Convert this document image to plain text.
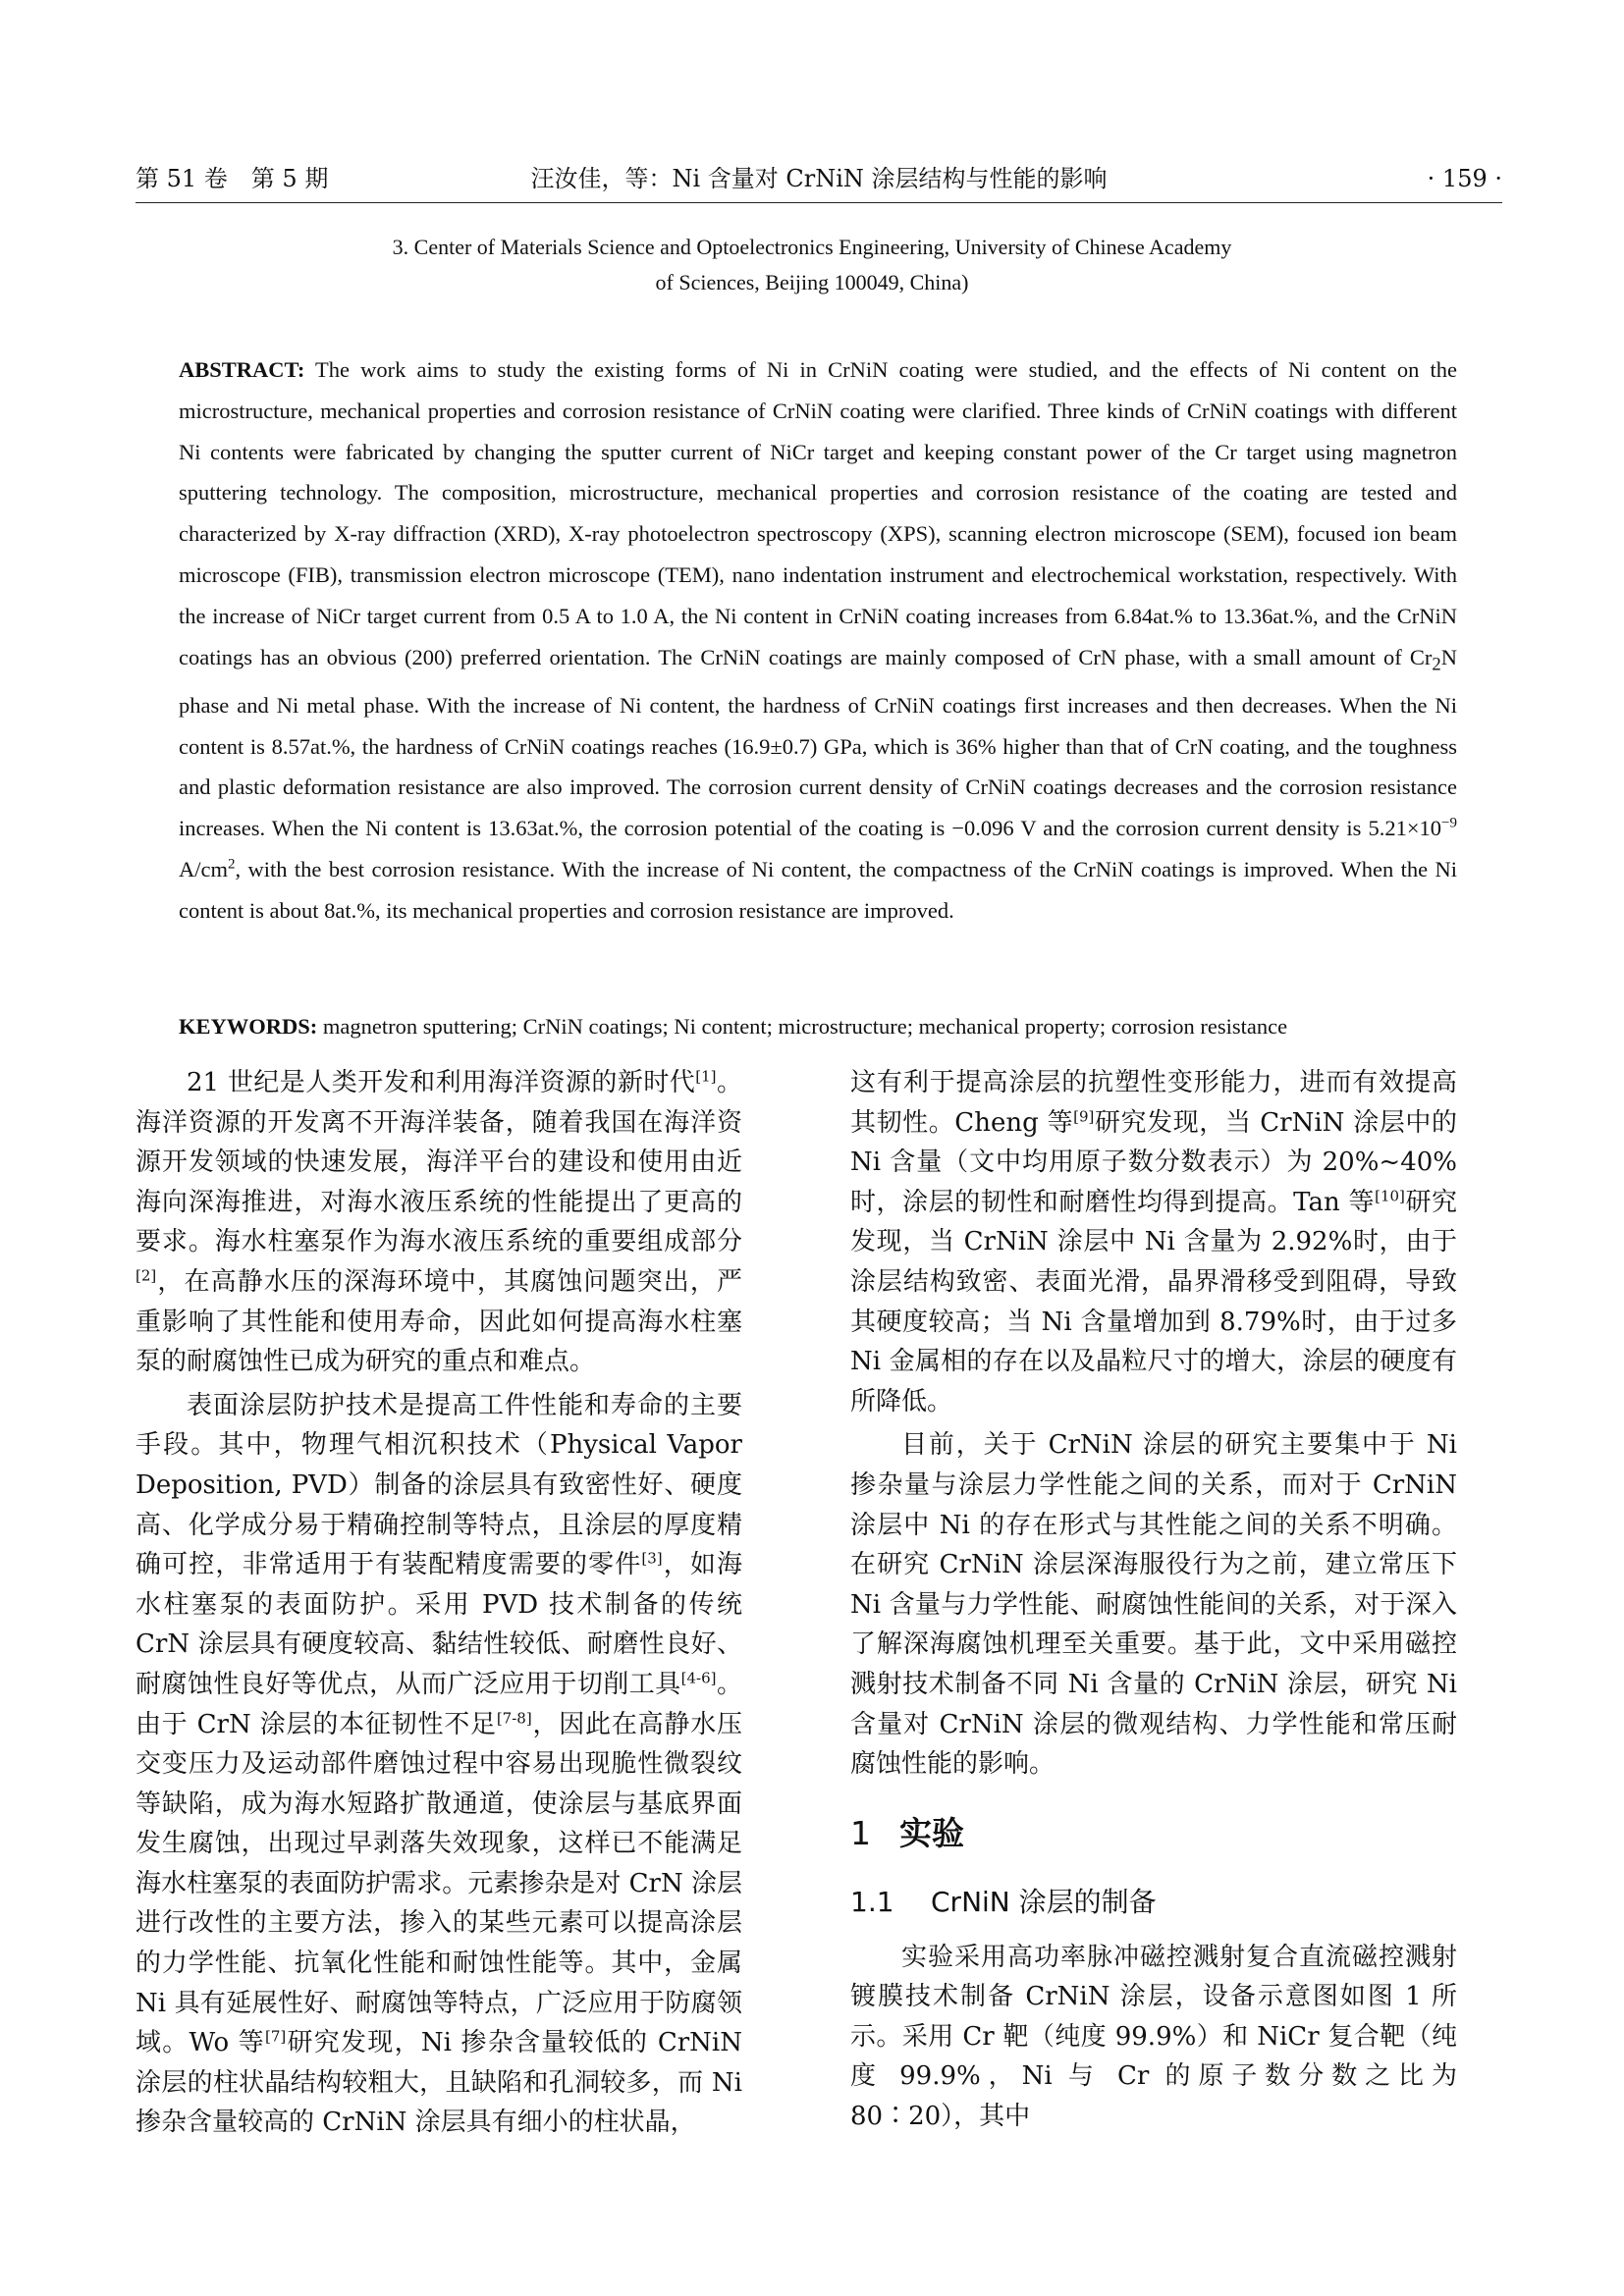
第 51 卷　第 5 期	汪汝佳，等：Ni 含量对 CrNiN 涂层结构与性能的影响	· 159 ·
3. Center of Materials Science and Optoelectronics Engineering, University of Chinese Academy
of Sciences, Beijing 100049, China)
ABSTRACT: The work aims to study the existing forms of Ni in CrNiN coating were studied, and the effects of Ni content on the microstructure, mechanical properties and corrosion resistance of CrNiN coating were clarified. Three kinds of CrNiN coatings with different Ni contents were fabricated by changing the sputter current of NiCr target and keeping constant power of the Cr target using magnetron sputtering technology. The composition, microstructure, mechanical properties and corrosion resistance of the coating are tested and characterized by X-ray diffraction (XRD), X-ray photoelectron spectroscopy (XPS), scanning electron microscope (SEM), focused ion beam microscope (FIB), transmission electron microscope (TEM), nano indentation instrument and electrochemical workstation, respectively. With the increase of NiCr target current from 0.5 A to 1.0 A, the Ni content in CrNiN coating increases from 6.84at.% to 13.36at.%, and the CrNiN coatings has an obvious (200) preferred orientation. The CrNiN coatings are mainly composed of CrN phase, with a small amount of $Cr_2N$ phase and Ni metal phase. With the increase of Ni content, the hardness of CrNiN coatings first increases and then decreases. When the Ni content is 8.57at.%, the hardness of CrNiN coatings reaches (16.9±0.7) GPa, which is 36% higher than that of CrN coating, and the toughness and plastic deformation resistance are also improved. The corrosion current density of CrNiN coatings decreases and the corrosion resistance increases. When the Ni content is 13.63at.%, the corrosion potential of the coating is −0.096 V and the corrosion current density is $5.21\times 10^{-9}$ $A/cm^2$, with the best corrosion resistance. With the increase of Ni content, the compactness of the CrNiN coatings is improved. When the Ni content is about 8at.%, its mechanical properties and corrosion resistance are improved.
KEYWORDS: magnetron sputtering; CrNiN coatings; Ni content; microstructure; mechanical property; corrosion resistance

21 世纪是人类开发和利用海洋资源的新时代[1]。海洋资源的开发离不开海洋装备，随着我国在海洋资源开发领域的快速发展，海洋平台的建设和使用由近海向深海推进，对海水液压系统的性能提出了更高的要求。海水柱塞泵作为海水液压系统的重要组成部分[2]，在高静水压的深海环境中，其腐蚀问题突出，严重影响了其性能和使用寿命，因此如何提高海水柱塞泵的耐腐蚀性已成为研究的重点和难点。

表面涂层防护技术是提高工件性能和寿命的主要手段。其中，物理气相沉积技术（Physical Vapor Deposition, PVD）制备的涂层具有致密性好、硬度高、化学成分易于精确控制等特点，且涂层的厚度精确可控，非常适用于有装配精度需要的零件[3]，如海水柱塞泵的表面防护。采用 PVD 技术制备的传统 CrN 涂层具有硬度较高、黏结性较低、耐磨性良好、耐腐蚀性良好等优点，从而广泛应用于切削工具[4-6]。由于 CrN 涂层的本征韧性不足[7-8]，因此在高静水压交变压力及运动部件磨蚀过程中容易出现脆性微裂纹等缺陷，成为海水短路扩散通道，使涂层与基底界面发生腐蚀，出现过早剥落失效现象，这样已不能满足海水柱塞泵的表面防护需求。元素掺杂是对 CrN 涂层进行改性的主要方法，掺入的某些元素可以提高涂层的力学性能、抗氧化性能和耐蚀性能等。其中，金属 Ni 具有延展性好、耐腐蚀等特点，广泛应用于防腐领域。Wo 等[7]研究发现，Ni 掺杂含量较低的 CrNiN 涂层的柱状晶结构较粗大，且缺陷和孔洞较多，而 Ni 掺杂含量较高的 CrNiN 涂层具有细小的柱状晶，

这有利于提高涂层的抗塑性变形能力，进而有效提高其韧性。Cheng 等[9]研究发现，当 CrNiN 涂层中的 Ni 含量（文中均用原子数分数表示）为 20%~40%时，涂层的韧性和耐磨性均得到提高。Tan 等[10]研究发现，当 CrNiN 涂层中 Ni 含量为 2.92%时，由于涂层结构致密、表面光滑，晶界滑移受到阻碍，导致其硬度较高；当 Ni 含量增加到 8.79%时，由于过多 Ni 金属相的存在以及晶粒尺寸的增大，涂层的硬度有所降低。

目前，关于 CrNiN 涂层的研究主要集中于 Ni 掺杂量与涂层力学性能之间的关系，而对于 CrNiN 涂层中 Ni 的存在形式与其性能之间的关系不明确。在研究 CrNiN 涂层深海服役行为之前，建立常压下 Ni 含量与力学性能、耐腐蚀性能间的关系，对于深入了解深海腐蚀机理至关重要。基于此，文中采用磁控溅射技术制备不同 Ni 含量的 CrNiN 涂层，研究 Ni 含量对 CrNiN 涂层的微观结构、力学性能和常压耐腐蚀性能的影响。

1 实验
1.1 CrNiN 涂层的制备

实验采用高功率脉冲磁控溅射复合直流磁控溅射镀膜技术制备 CrNiN 涂层，设备示意图如图 1 所示。采用 Cr 靶（纯度 99.9%）和 NiCr 复合靶（纯度 99.9%，Ni 与 Cr 的原子数分数之比为 80∶20），其中
